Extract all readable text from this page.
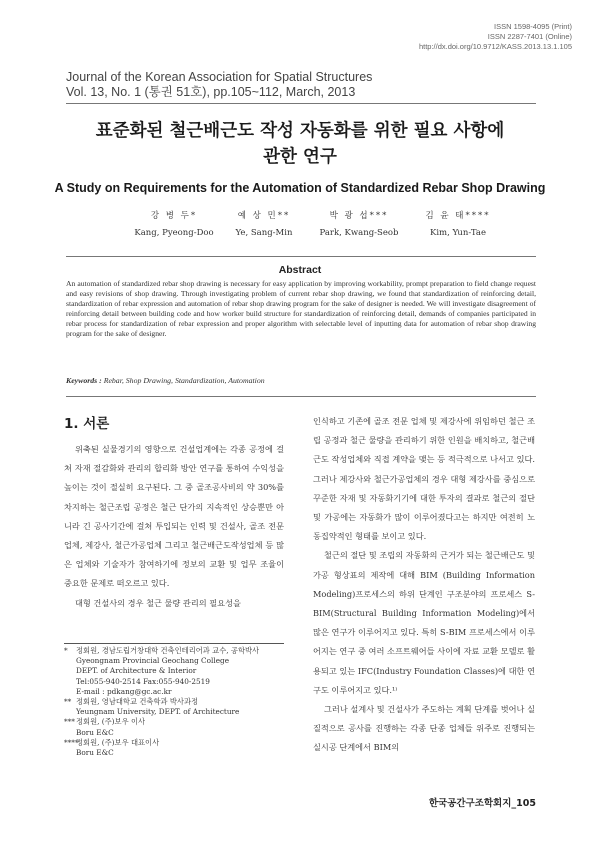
ISSN 1598-4095 (Print)
ISSN 2287-7401 (Online)
http://dx.doi.org/10.9712/KASS.2013.13.1.105
Journal of the Korean Association for Spatial Structures
Vol. 13, No. 1 (통권 51호), pp.105~112, March, 2013
표준화된 철근배근도 작성 자동화를 위한 필요 사항에
관한 연구
A Study on Requirements for the Automation of Standardized Rebar Shop Drawing
강 병 두*
Kang, Pyeong-Doo
예 상 민**
Ye, Sang-Min
박 광 섭***
Park, Kwang-Seob
김 윤 태****
Kim, Yun-Tae
Abstract
An automation of standardized rebar shop drawing is necessary for easy application by improving workability, prompt preparation to field change request and easy revisions of shop drawing. Through investigating problem of current rebar shop drawing, we found that standardization of reinforcing detail, standardization of rebar expression and automation of rebar shop drawing program for the sake of designer is needed. We will investigate disagreement of reinforcing detail between building code and how worker build structure for standardization of reinforcing detail, demands of companies participated in rebar process for standardization of rebar expression and proper algorithm with selectable level of inputting data for automation of rebar shop drawing program for the sake of designer.
Keywords : Rebar, Shop Drawing, Standardization, Automation
1. 서론

위축된 실물경기의 영향으로 건설업계에는 각종 공정에 걸쳐 자재 절감화와 관리의 합리화 방안 연구를 통하여 수익성을 높이는 것이 절실히 요구된다. 그 중 골조공사비의 약 30%를 차지하는 철근조립 공정은 철근 단가의 지속적인 상승뿐만 아니라 긴 공사기간에 걸쳐 투입되는 인력 및 건설사, 골조 전문 업체, 제강사, 철근가공업체 그리고 철근배근도작성업체 등 많은 업체와 기술자가 참여하기에 정보의 교환 및 업무 조율이 중요한 문제로 떠오르고 있다.

대형 건설사의 경우 철근 물량 관리의 필요성을

인식하고 기존에 골조 전문 업체 및 제강사에 위임하던 철근 조립 공정과 철근 물량을 관리하기 위한 인원을 배치하고, 철근배근도 작성업체와 직접 계약을 맺는 등 적극적으로 나서고 있다. 그러나 제강사와 철근가공업체의 경우 대형 제강사를 중심으로 꾸준한 자재 및 자동화기기에 대한 투자의 결과로 철근의 절단 및 가공에는 자동화가 많이 이루어졌다고는 하지만 여전히 노동집약적인 형태를 보이고 있다.

철근의 절단 및 조립의 자동화의 근거가 되는 철근배근도 및 가공 형상표의 제작에 대해 BIM (Building Information Modeling)프로세스의 하위 단계인 구조분야의 프로세스 S-BIM(Structural Building Information Modeling)에서 많은 연구가 이루어지고 있다. 특히 S-BIM 프로세스에서 이루어지는 연구 중 여러 소프트웨어들 사이에 자료 교환 모델로 활용되고 있는 IFC(Industry Foundation Classes)에 대한 연구도 이루어지고 있다.¹⁾

그러나 설계사 및 건설사가 주도하는 계획 단계를 벗어나 실질적으로 공사를 진행하는 각종 단종 업체들 위주로 진행되는 실시공 단계에서 BIM의

*	정회원, 경남도립거창대학 건축인테리어과 교수, 공학박사
Gyeongnam Provincial Geochang College
DEPT. of Architecture & Interior
Tel:055-940-2514 Fax:055-940-2519
E-mail : pdkang@gc.ac.kr
** 정회원, 영남대학교 건축학과 박사과정
Yeungnam University, DEPT. of Architecture
*** 정회원, (주)보우 이사
Boru E&C
****
정회원, (주)보우 대표이사
Boru E&C
한국공간구조학회지_105
